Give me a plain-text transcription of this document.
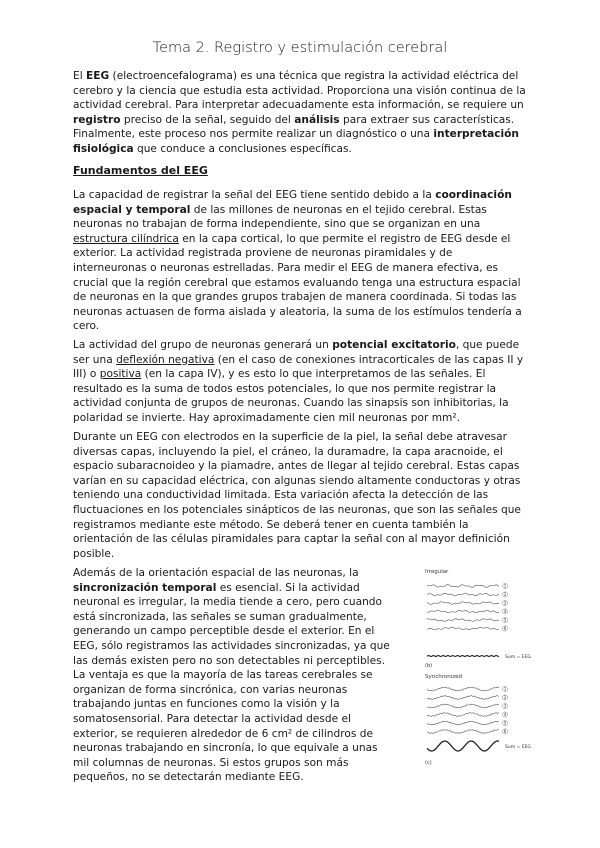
Tema 2. Registro y estimulación cerebral
El EEG (electroencefalograma) es una técnica que registra la actividad eléctrica del cerebro y la ciencia que estudia esta actividad. Proporciona una visión continua de la actividad cerebral. Para interpretar adecuadamente esta información, se requiere un registro preciso de la señal, seguido del análisis para extraer sus características. Finalmente, este proceso nos permite realizar un diagnóstico o una interpretación fisiológica que conduce a conclusiones específicas.
Fundamentos del EEG
La capacidad de registrar la señal del EEG tiene sentido debido a la coordinación espacial y temporal de las millones de neuronas en el tejido cerebral. Estas neuronas no trabajan de forma independiente, sino que se organizan en una estructura cilíndrica en la capa cortical, lo que permite el registro de EEG desde el exterior. La actividad registrada proviene de neuronas piramidales y de interneuronas o neuronas estrelladas. Para medir el EEG de manera efectiva, es crucial que la región cerebral que estamos evaluando tenga una estructura espacial de neuronas en la que grandes grupos trabajen de manera coordinada. Si todas las neuronas actuasen de forma aislada y aleatoria, la suma de los estímulos tendería a cero.
La actividad del grupo de neuronas generará un potencial excitatorio, que puede ser una deflexión negativa (en el caso de conexiones intracorticales de las capas II y III) o positiva (en la capa IV), y es esto lo que interpretamos de las señales. El resultado es la suma de todos estos potenciales, lo que nos permite registrar la actividad conjunta de grupos de neuronas. Cuando las sinapsis son inhibitorias, la polaridad se invierte. Hay aproximadamente cien mil neuronas por mm².
Durante un EEG con electrodos en la superficie de la piel, la señal debe atravesar diversas capas, incluyendo la piel, el cráneo, la duramadre, la capa aracnoide, el espacio subaracnoideo y la piamadre, antes de llegar al tejido cerebral. Estas capas varían en su capacidad eléctrica, con algunas siendo altamente conductoras y otras teniendo una conductividad limitada. Esta variación afecta la detección de las fluctuaciones en los potenciales sinápticos de las neuronas, que son las señales que registramos mediante este método. Se deberá tener en cuenta también la orientación de las células piramidales para captar la señal con al mayor definición posible.
Además de la orientación espacial de las neuronas, la sincronización temporal es esencial. Si la actividad neuronal es irregular, la media tiende a cero, pero cuando está sincronizada, las señales se suman gradualmente, generando un campo perceptible desde el exterior. En el EEG, sólo registramos las actividades sincronizadas, ya que las demás existen pero no son detectables ni perceptibles. La ventaja es que la mayoría de las tareas cerebrales se organizan de forma sincrónica, con varias neuronas trabajando juntas en funciones como la visión y la somatosensorial. Para detectar la actividad desde el exterior, se requieren alrededor de 6 cm² de cilindros de neuronas trabajando en sincronía, lo que equivale a unas mil columnas de neuronas. Si estos grupos son más pequeños, no se detectarán mediante EEG.
Irregular
1
2
3
4
5
6
Sum = EEG
(b)
Synchronized
1
2
3
4
5
6
Sum = EEG
(c)
